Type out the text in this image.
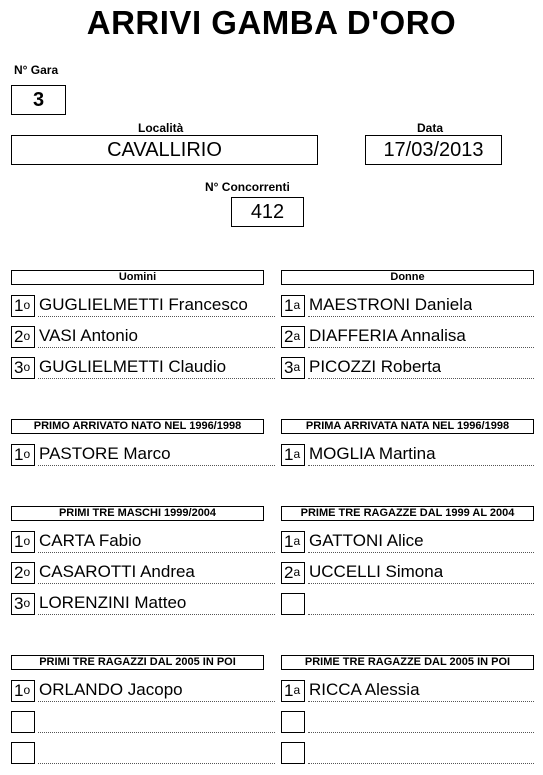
ARRIVI GAMBA D'ORO
N° Gara
3
Località
CAVALLIRIO
Data
17/03/2013
N° Concorrenti
412
Uomini
1$^o$ GUGLIELMETTI Francesco
2$^o$ VASI Antonio
3$^o$ GUGLIELMETTI Claudio
Donne
1$^a$ MAESTRONI Daniela
2$^a$ DIAFFERIA Annalisa
3$^a$ PICOZZI Roberta
PRIMO ARRIVATO NATO NEL 1996/1998
1$^o$ PASTORE Marco
PRIMA ARRIVATA NATA NEL 1996/1998
1$^a$ MOGLIA Martina
PRIMI TRE MASCHI 1999/2004
1$^o$ CARTA Fabio
2$^o$ CASAROTTI Andrea
3$^o$ LORENZINI Matteo
PRIME TRE RAGAZZE DAL 1999 AL 2004
1$^a$ GATTONI Alice
2$^a$ UCCELLI Simona
PRIMI TRE RAGAZZI DAL 2005 IN POI
1$^o$ ORLANDO Jacopo
PRIME TRE RAGAZZE DAL 2005 IN POI
1$^a$ RICCA Alessia
